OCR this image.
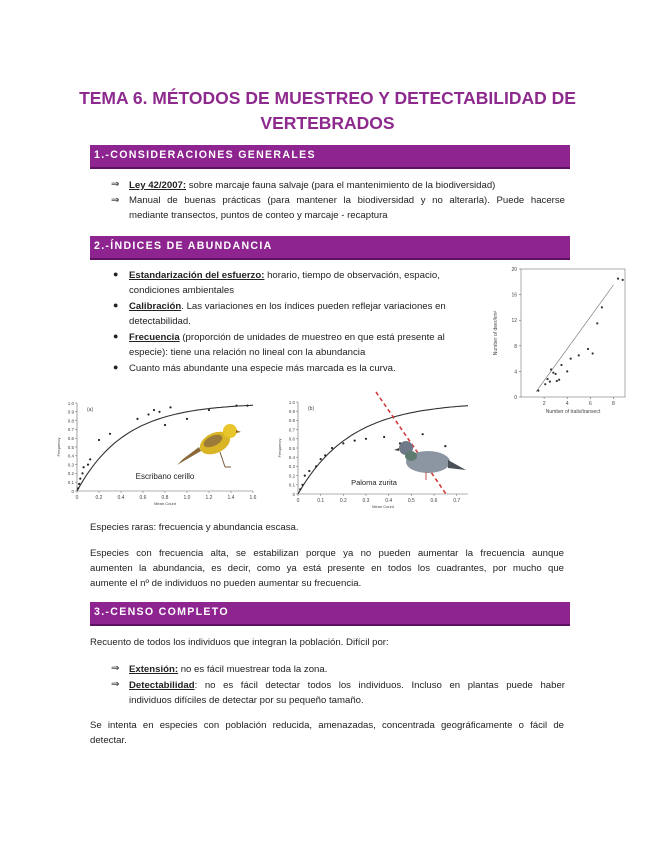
TEMA 6. MÉTODOS DE MUESTREO Y DETECTABILIDAD DE
VERTEBRADOS
1.-CONSIDERACIONES GENERALES
⇒ Ley 42/2007: sobre marcaje fauna salvaje (para el mantenimiento de la biodiversidad)
⇒ Manual de buenas prácticas (para mantener la biodiversidad y no alterarla). Puede hacerse
mediante transectos, puntos de conteo y marcaje - recaptura
2.-ÍNDICES DE ABUNDANCIA
● Estandarización del esfuerzo: horario, tiempo de observación, espacio,
condiciones ambientales
● Calibración. Las variaciones en los índices pueden reflejar variaciones en
detectabilidad.
● Frecuencia (proporción de unidades de muestreo en que está presente al
especie): tiene una relación no lineal con la abundancia
● Cuanto más abundante una especie más marcada es la curva.
0
4
8
12
16
20
2	4	6	8
Number of trails/transect
Number of deer/km²
0
0.1
0.2
0.3
0.4
0.5
0.6
0.7
0.8
0.9
1.0
0	0.2	0.4	0.6	0.8	1.0	1.2	1.4	1.6
Mean Count
Frequency
(a)
Escribano cerillo
0
0.1
0.2
0.3
0.4
0.5
0.6
0.7
0.8
0.9
1.0
0	0.1	0.2	0.3	0.4	0.5	0.6	0.7
Mean Count
Frequency
(b)
Paloma zurita
Especies raras: frecuencia y abundancia escasa.
Especies con frecuencia alta, se estabilizan porque ya no pueden aumentar la frecuencia aunque
aumenten la abundancia, es decir, como ya está presente en todos los cuadrantes, por mucho que
aumente el nº de individuos no pueden aumentar su frecuencia.
3.-CENSO COMPLETO
Recuento de todos los individuos que integran la población. Difícil por:
⇒ Extensión: no es fácil muestrear toda la zona.
⇒ Detectabilidad: no es fácil detectar todos los individuos. Incluso en plantas puede haber
individuos difíciles de detectar por su pequeño tamaño.
Se intenta en especies con población reducida, amenazadas, concentrada geográficamente o fácil de
detectar.
